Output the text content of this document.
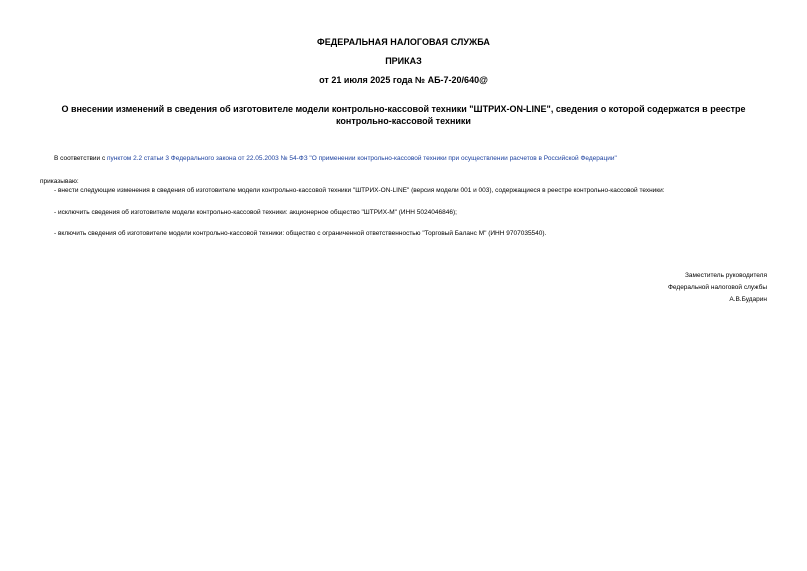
ФЕДЕРАЛЬНАЯ НАЛОГОВАЯ СЛУЖБА
ПРИКАЗ
от 21 июля 2025 года № АБ-7-20/640@
О внесении изменений в сведения об изготовителе модели контрольно-кассовой техники "ШТРИХ-ON-LINE", сведения о которой содержатся в реестре контрольно-кассовой техники
В соответствии с пунктом 2.2 статьи 3 Федерального закона от 22.05.2003 № 54-ФЗ "О применении контрольно-кассовой техники при осуществлении расчетов в Российской Федерации"
приказываю:
- внести следующие изменения в сведения об изготовителе модели контрольно-кассовой техники "ШТРИХ-ON-LINE" (версия модели 001 и 003), содержащиеся в реестре контрольно-кассовой техники:
- исключить сведения об изготовителе модели контрольно-кассовой техники: акционерное общество "ШТРИХ-М" (ИНН 5024046846);
- включить сведения об изготовителе модели контрольно-кассовой техники: общество с ограниченной ответственностью "Торговый Баланс М" (ИНН 9707035540).
Заместитель руководителя
Федеральной налоговой службы
А.В.Бударин
